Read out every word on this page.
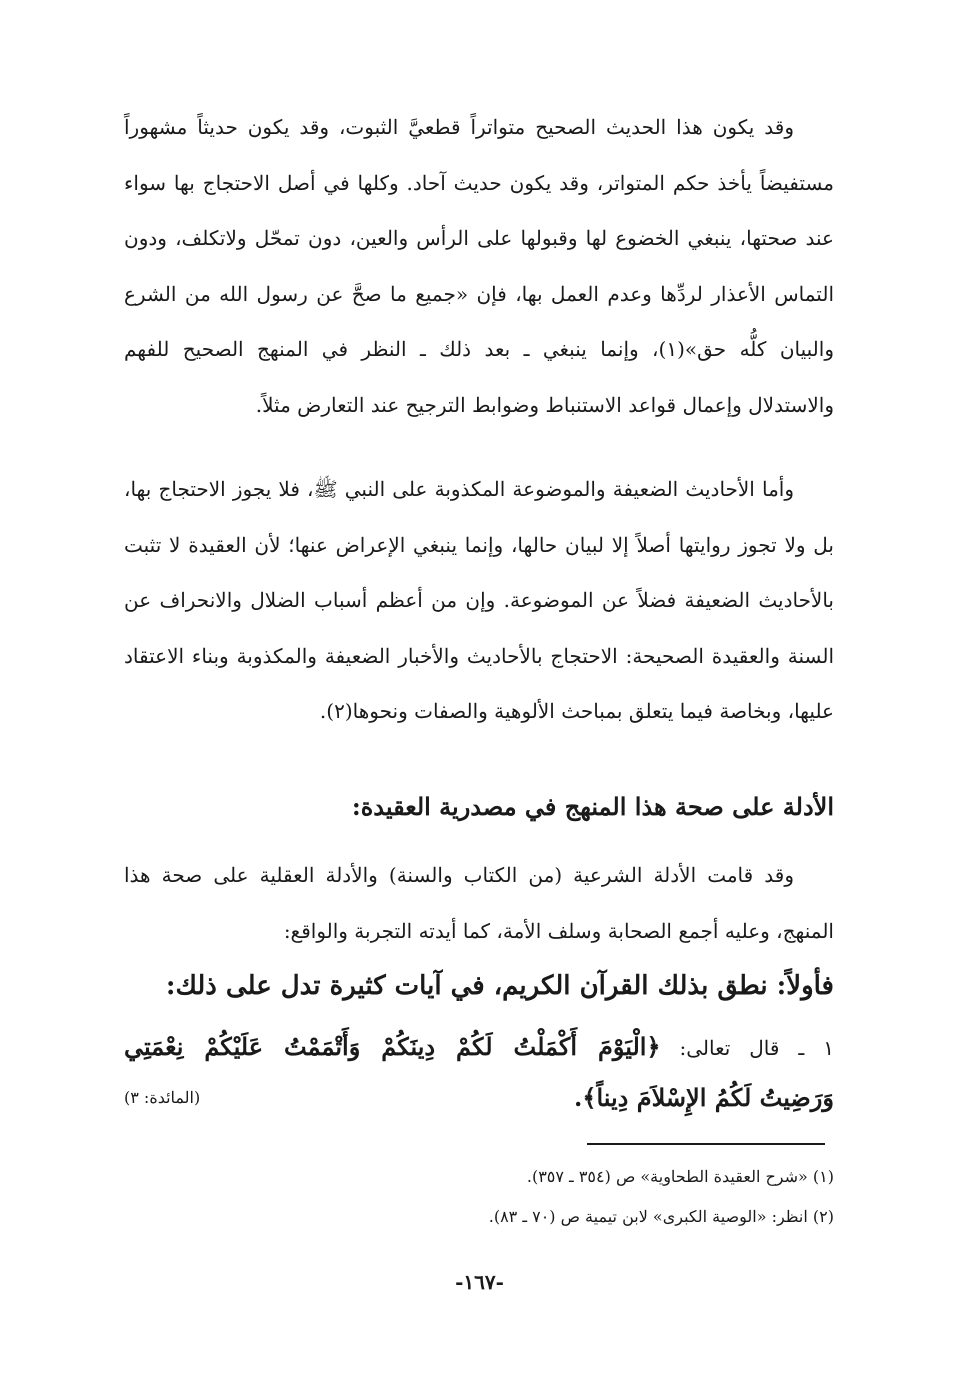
وقد يكون هذا الحديث الصحيح متواتراً قطعيَّ الثبوت، وقد يكون حديثاً مشهوراً مستفيضاً يأخذ حكم المتواتر، وقد يكون حديث آحاد. وكلها في أصل الاحتجاج بها سواء عند صحتها، ينبغي الخضوع لها وقبولها على الرأس والعين، دون تمحّل ولاتكلف، ودون التماس الأعذار لردِّها وعدم العمل بها، فإن «جميع ما صحَّ عن رسول الله من الشرع والبيان كلُّه حق»(١)، وإنما ينبغي ـ بعد ذلك ـ النظر في المنهج الصحيح للفهم والاستدلال وإعمال قواعد الاستنباط وضوابط الترجيح عند التعارض مثلاً.

وأما الأحاديث الضعيفة والموضوعة المكذوبة على النبي ﷺ، فلا يجوز الاحتجاج بها، بل ولا تجوز روايتها أصلاً إلا لبيان حالها، وإنما ينبغي الإعراض عنها؛ لأن العقيدة لا تثبت بالأحاديث الضعيفة فضلاً عن الموضوعة. وإن من أعظم أسباب الضلال والانحراف عن السنة والعقيدة الصحيحة: الاحتجاج بالأحاديث والأخبار الضعيفة والمكذوبة وبناء الاعتقاد عليها، وبخاصة فيما يتعلق بمباحث الألوهية والصفات ونحوها(٢).

الأدلة على صحة هذا المنهج في مصدرية العقيدة:

وقد قامت الأدلة الشرعية (من الكتاب والسنة) والأدلة العقلية على صحة هذا المنهج، وعليه أجمع الصحابة وسلف الأمة، كما أيدته التجربة والواقع:

فأولاً: نطق بذلك القرآن الكريم، في آيات كثيرة تدل على ذلك:
١ ـ قال تعالى: ﴿الْيَوْمَ أَكْمَلْتُ لَكُمْ دِينَكُمْ وَأَتْمَمْتُ عَلَيْكُمْ نِعْمَتِي
وَرَضِيتُ لَكُمُ الإِسْلاَمَ دِيناً﴾.
(المائدة: ٣)

(١) «شرح العقيدة الطحاوية» ص (٣٥٤ ـ ٣٥٧).

(٢) انظر: «الوصية الكبرى» لابن تيمية ص (٧٠ ـ ٨٣).

-١٦٧-
